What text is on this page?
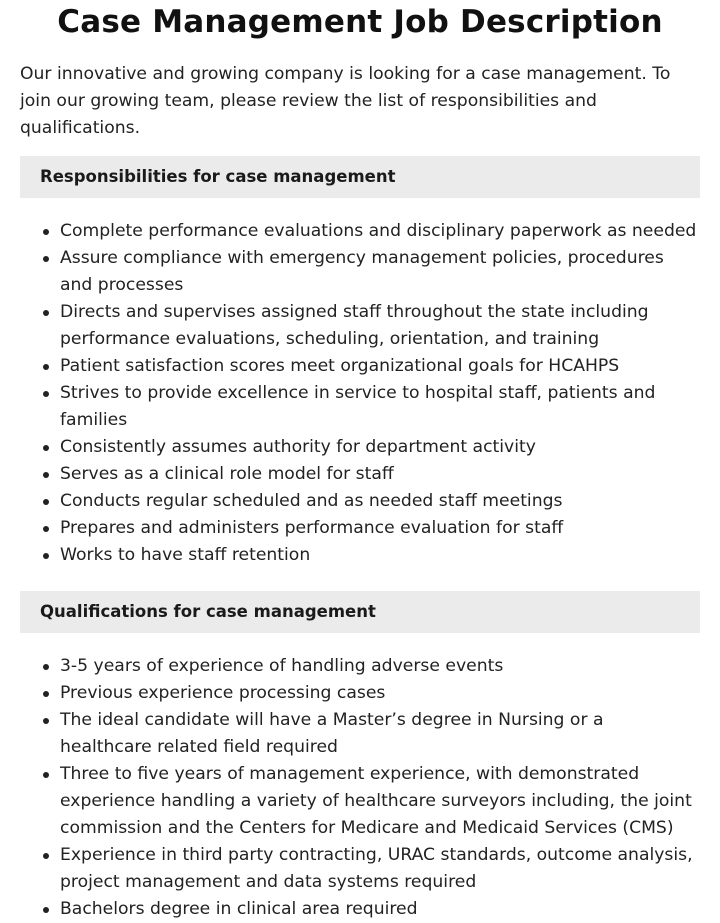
Case Management Job Description

Our innovative and growing company is looking for a case management. To join our growing team, please review the list of responsibilities and qualifications.

Responsibilities for case management
Complete performance evaluations and disciplinary paperwork as needed
Assure compliance with emergency management policies, procedures and processes
Directs and supervises assigned staff throughout the state including performance evaluations, scheduling, orientation, and training
Patient satisfaction scores meet organizational goals for HCAHPS
Strives to provide excellence in service to hospital staff, patients and families
Consistently assumes authority for department activity
Serves as a clinical role model for staff
Conducts regular scheduled and as needed staff meetings
Prepares and administers performance evaluation for staff
Works to have staff retention
Qualifications for case management
3-5 years of experience of handling adverse events
Previous experience processing cases
The ideal candidate will have a Master’s degree in Nursing or a healthcare related field required
Three to five years of management experience, with demonstrated experience handling a variety of healthcare surveyors including, the joint commission and the Centers for Medicare and Medicaid Services (CMS)
Experience in third party contracting, URAC standards, outcome analysis, project management and data systems required
Bachelors degree in clinical area required
